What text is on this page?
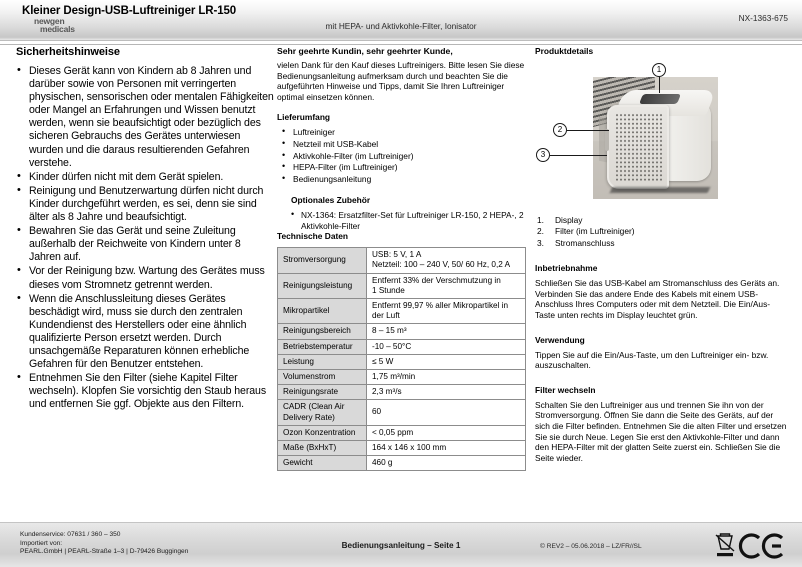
Kleiner Design-USB-Luftreiniger LR-150
newgen
medicals	mit HEPA- und Aktivkohle-Filter, Ionisator
NX-1363-675
Sicherheitshinweise
• Dieses Gerät kann von Kindern ab 8 Jahren und darüber sowie von Personen mit verringerten physischen, sensorischen oder mentalen Fähigkeiten oder Mangel an Erfahrungen und Wissen benutzt werden, wenn sie beaufsichtigt oder bezüglich des sicheren Gebrauchs des Gerätes unterwiesen wurden und die daraus resultierenden Gefahren verstehe.
• Kinder dürfen nicht mit dem Gerät spielen.
• Reinigung und Benutzerwartung dürfen nicht durch Kinder durchgeführt werden, es sei, denn sie sind älter als 8 Jahre und beaufsichtigt.
• Bewahren Sie das Gerät und seine Zuleitung außerhalb der Reichweite von Kindern unter 8 Jahren auf.
• Vor der Reinigung bzw. Wartung des Gerätes muss dieses vom Stromnetz getrennt werden.
• Wenn die Anschlussleitung dieses Gerätes beschädigt wird, muss sie durch den zentralen Kundendienst des Herstellers oder eine ähnlich qualifizierte Person ersetzt werden. Durch unsachgemäße Reparaturen können erhebliche Gefahren für den Benutzer entstehen.
• Entnehmen Sie den Filter (siehe Kapitel Filter wechseln). Klopfen Sie vorsichtig den Staub heraus und entfernen Sie ggf. Objekte aus den Filtern.
Sehr geehrte Kundin, sehr geehrter Kunde,

vielen Dank für den Kauf dieses Luftreinigers. Bitte lesen Sie diese Bedienungsanleitung aufmerksam durch und beachten Sie die aufgeführten Hinweise und Tipps, damit Sie Ihren Luftreiniger optimal einsetzen können.

Lieferumfang
• Luftreiniger
• Netzteil mit USB-Kabel
• Aktivkohle-Filter (im Luftreiniger)
• HEPA-Filter (im Luftreiniger)
• Bedienungsanleitung
Optionales Zubehör
• NX-1364: Ersatzfilter-Set für Luftreiniger LR-150, 2 HEPA-, 2 Aktivkohle-Filter
Technische Daten
Stromversorgung	USB: 5 V, 1 A
Netzteil: 100 – 240 V, 50/ 60 Hz, 0,2 A
Reinigungsleistung	Entfernt 33% der Verschmutzung in
1 Stunde
Mikropartikel	Entfernt 99,97 % aller Mikropartikel in
der Luft
Reinigungsbereich	8 – 15 m³
Betriebstemperatur	-10 – 50°C
Leistung	≤ 5 W
Volumenstrom	1,75 m³/min
Reinigungsrate	2,3 m³/s
CADR (Clean Air Delivery Rate)	60
Ozon Konzentration	< 0,05 ppm
Maße (BxHxT)	164 x 146 x 100 mm
Gewicht	460 g
Produktdetails
1
2
3
1. Display
2. Filter (im Luftreiniger)
3. Stromanschluss
Inbetriebnahme

Schließen Sie das USB-Kabel am Stromanschluss des Geräts an. Verbinden Sie das andere Ende des Kabels mit einem USB-Anschluss Ihres Computers oder mit dem Netzteil. Die Ein/Aus-Taste unten rechts im Display leuchtet grün.

Verwendung

Tippen Sie auf die Ein/Aus-Taste, um den Luftreiniger ein- bzw. auszuschalten.

Filter wechseln

Schalten Sie den Luftreiniger aus und trennen Sie ihn von der Stromversorgung. Öffnen Sie dann die Seite des Geräts, auf der sich die Filter befinden. Entnehmen Sie die alten Filter und ersetzen Sie sie durch Neue. Legen Sie erst den Aktivkohle-Filter und dann den HEPA-Filter mit der glatten Seite zuerst ein. Schließen Sie die Seite wieder.

Kundenservice: 07631 / 360 – 350
Importiert von:
PEARL.GmbH | PEARL-Straße 1–3 | D-79426 Buggingen
Bedienungsanleitung – Seite 1	© REV2 – 05.06.2018 – LZ/FR//SL
